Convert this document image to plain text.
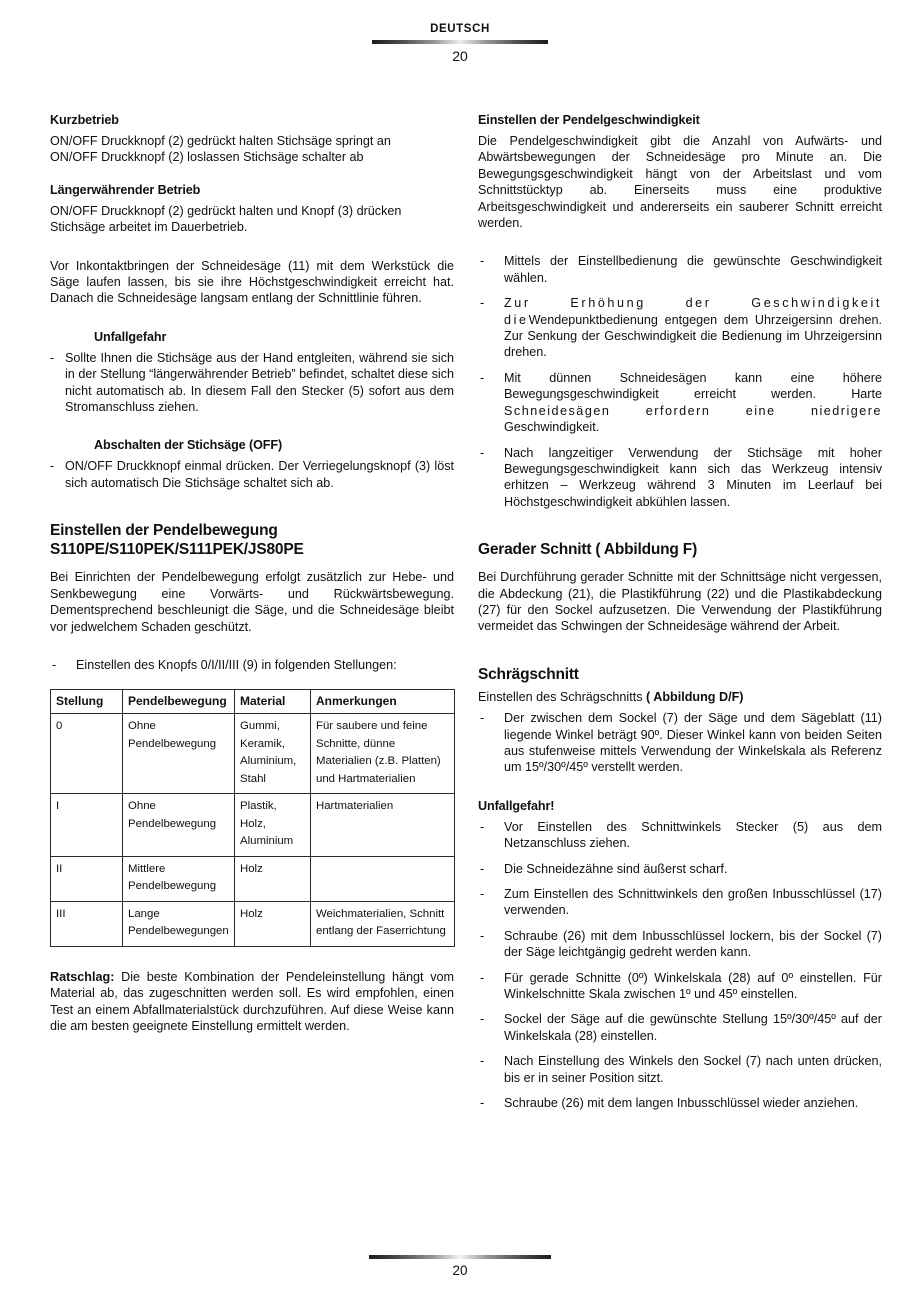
DEUTSCH
20
Kurzbetrieb

ON/OFF Druckknopf (2) gedrückt halten Stichsäge springt an

ON/OFF Druckknopf (2) loslassen Stichsäge schalter ab

Längerwährender Betrieb

ON/OFF Druckknopf (2) gedrückt halten und Knopf (3) drücken Stichsäge arbeitet im Dauerbetrieb.

Vor Inkontaktbringen der Schneidesäge (11) mit dem Werkstück die Säge laufen lassen, bis sie ihre Höchstgeschwindigkeit erreicht hat. Danach die Schneidesäge langsam entlang der Schnittlinie führen.

Unfallgefahr
- Sollte Ihnen die Stichsäge aus der Hand entgleiten, während sie sich in der Stellung “längerwährender Betrieb” befindet, schaltet diese sich nicht automatisch ab. In diesem Fall den Stecker (5) sofort aus dem Stromanschluss ziehen.
Abschalten der Stichsäge (OFF)
- ON/OFF Druckknopf einmal drücken. Der Verriegelungsknopf (3) löst sich automatisch Die Stichsäge schaltet sich ab.
Einstellen der Pendelbewegung
S110PE/S110PEK/S111PEK/JS80PE

Bei Einrichten der Pendelbewegung erfolgt zusätzlich zur Hebe- und Senkbewegung eine Vorwärts- und Rückwärtsbewegung. Dementsprechend beschleunigt die Säge, und die Schneidesäge bleibt vor jedwelchem Schaden geschützt.

- Einstellen des Knopfs 0/I/II/III (9) in folgenden Stellungen:
Stellung	Pendelbewegung	Material	Anmerkungen
0	Ohne Pendelbewegung	Gummi, Keramik, Aluminium, Stahl	Für saubere und feine Schnitte, dünne Materialien (z.B. Platten) und Hartmaterialien
I	Ohne Pendelbewegung	Plastik, Holz, Aluminium	Hartmaterialien
II	Mittlere Pendelbewegung	Holz	
III	Lange Pendelbewegungen	Holz	Weichmaterialien, Schnitt entlang der Faserrichtung

Ratschlag: Die beste Kombination der Pendeleinstellung hängt vom Material ab, das zugeschnitten werden soll. Es wird empfohlen, einen Test an einem Abfallmaterialstück durchzuführen. Auf diese Weise kann die am besten geeignete Einstellung ermittelt werden.

Einstellen der Pendelgeschwindigkeit

Die Pendelgeschwindigkeit gibt die Anzahl von Aufwärts- und Abwärtsbewegungen der Schneidesäge pro Minute an. Die Bewegungsgeschwindigkeit hängt von der Arbeitslast und vom Schnittstücktyp ab. Einerseits muss eine produktive Arbeitsgeschwindigkeit und andererseits ein sauberer Schnitt erreicht werden.

- Mittels der Einstellbedienung die gewünschte Geschwindigkeit wählen.
- Zur Erhöhung der Geschwindigkeit dieWendepunktbedienung entgegen dem Uhrzeigersinn drehen. Zur Senkung der Geschwindigkeit die Bedienung im Uhrzeigersinn drehen.
- Mit dünnen Schneidesägen kann eine höhere Bewegungsgeschwindigkeit erreicht werden. Harte Schneidesägen erfordern eine niedrigere Geschwindigkeit.
- Nach langzeitiger Verwendung der Stichsäge mit hoher Bewegungsgeschwindigkeit kann sich das Werkzeug intensiv erhitzen – Werkzeug während 3 Minuten im Leerlauf bei Höchstgeschwindigkeit abkühlen lassen.
Gerader Schnitt ( Abbildung F)

Bei Durchführung gerader Schnitte mit der Schnittsäge nicht vergessen, die Abdeckung (21), die Plastikführung (22) und die Plastikabdeckung (27) für den Sockel aufzusetzen. Die Verwendung der Plastikführung vermeidet das Schwingen der Schneidesäge während der Arbeit.

Schrägschnitt

Einstellen des Schrägschnitts ( Abbildung D/F)

- Der zwischen dem Sockel (7) der Säge und dem Sägeblatt (11) liegende Winkel beträgt 90º. Dieser Winkel kann von beiden Seiten aus stufenweise mittels Verwendung der Winkelskala als Referenz um 15º/30º/45º verstellt werden.
Unfallgefahr!
- Vor Einstellen des Schnittwinkels Stecker (5) aus dem Netzanschluss ziehen.
- Die Schneidezähne sind äußerst scharf.
- Zum Einstellen des Schnittwinkels den großen Inbusschlüssel (17) verwenden.
- Schraube (26) mit dem Inbusschlüssel lockern, bis der Sockel (7) der Säge leichtgängig gedreht werden kann.
- Für gerade Schnitte (0º) Winkelskala (28) auf 0º einstellen. Für Winkelschnitte Skala zwischen 1º und 45º einstellen.
- Sockel der Säge auf die gewünschte Stellung 15º/30º/45º auf der Winkelskala (28) einstellen.
- Nach Einstellung des Winkels den Sockel (7) nach unten drücken, bis er in seiner Position sitzt.
- Schraube (26) mit dem langen Inbusschlüssel wieder anziehen.
20
